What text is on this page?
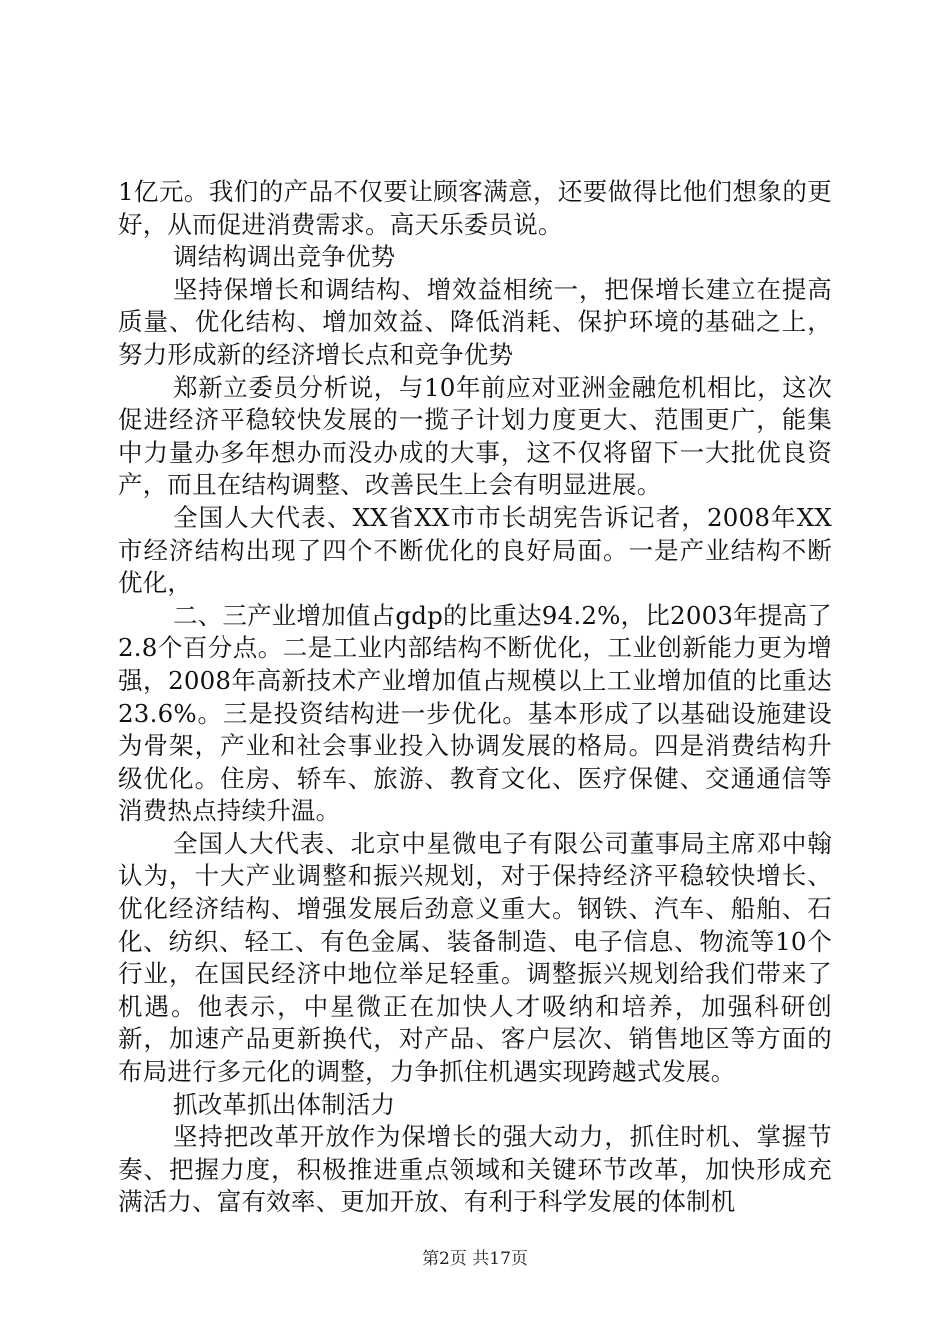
1亿元。我们的产品不仅要让顾客满意，还要做得比他们想象的更好，从而促进消费需求。高天乐委员说。

调结构调出竞争优势

坚持保增长和调结构、增效益相统一，把保增长建立在提高质量、优化结构、增加效益、降低消耗、保护环境的基础之上，努力形成新的经济增长点和竞争优势

郑新立委员分析说，与10年前应对亚洲金融危机相比，这次促进经济平稳较快发展的一揽子计划力度更大、范围更广，能集中力量办多年想办而没办成的大事，这不仅将留下一大批优良资产，而且在结构调整、改善民生上会有明显进展。

全国人大代表、XX省XX市市长胡宪告诉记者，2008年XX市经济结构出现了四个不断优化的良好局面。一是产业结构不断优化，

二、三产业增加值占gdp的比重达94.2%，比2003年提高了2.8个百分点。二是工业内部结构不断优化，工业创新能力更为增强，2008年高新技术产业增加值占规模以上工业增加值的比重达23.6%。三是投资结构进一步优化。基本形成了以基础设施建设为骨架，产业和社会事业投入协调发展的格局。四是消费结构升级优化。住房、轿车、旅游、教育文化、医疗保健、交通通信等消费热点持续升温。

全国人大代表、北京中星微电子有限公司董事局主席邓中翰认为，十大产业调整和振兴规划，对于保持经济平稳较快增长、优化经济结构、增强发展后劲意义重大。钢铁、汽车、船舶、石化、纺织、轻工、有色金属、装备制造、电子信息、物流等10个行业，在国民经济中地位举足轻重。调整振兴规划给我们带来了机遇。他表示，中星微正在加快人才吸纳和培养，加强科研创新，加速产品更新换代，对产品、客户层次、销售地区等方面的布局进行多元化的调整，力争抓住机遇实现跨越式发展。

抓改革抓出体制活力

坚持把改革开放作为保增长的强大动力，抓住时机、掌握节奏、把握力度，积极推进重点领域和关键环节改革，加快形成充满活力、富有效率、更加开放、有利于科学发展的体制机

第2页 共17页
